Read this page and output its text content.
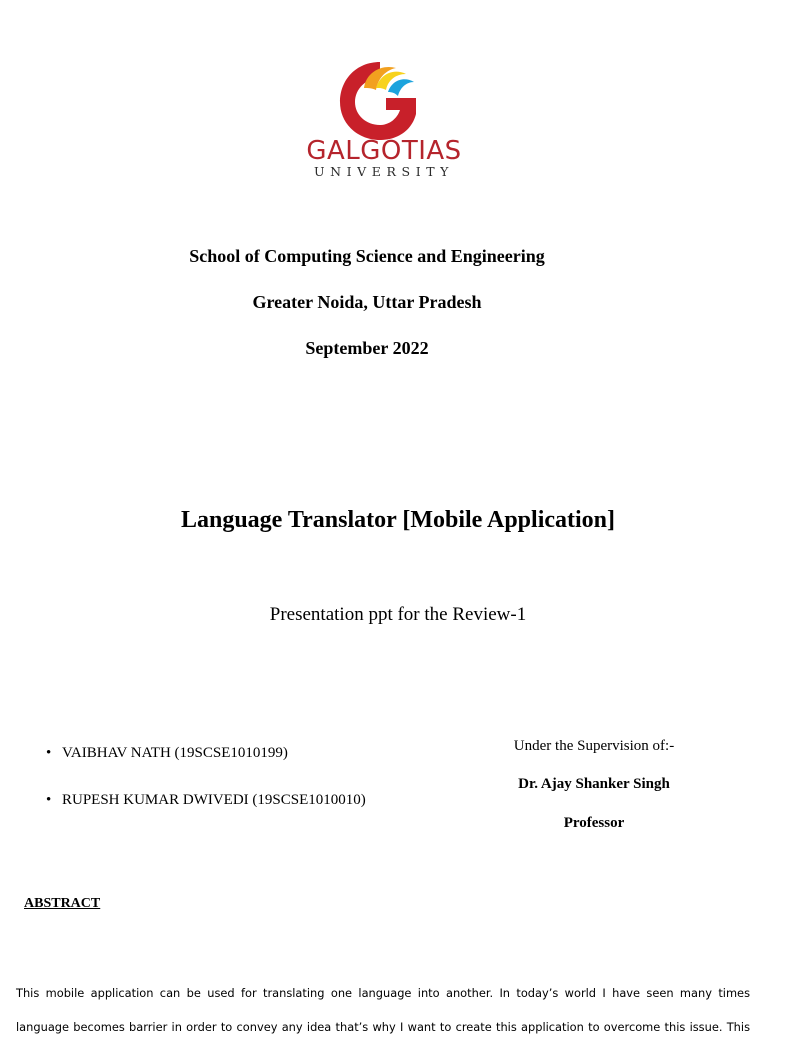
GALGOTIAS
UNIVERSITY
School of Computing Science and Engineering
Greater Noida, Uttar Pradesh
September 2022
Language Translator [Mobile Application]
Presentation ppt for the Review-1
• VAIBHAV NATH (19SCSE1010199)
• RUPESH KUMAR DWIVEDI (19SCSE1010010)
Under the Supervision of:-
Dr. Ajay Shanker Singh
Professor
ABSTRACT

This mobile application can be used for translating one language into another. In today’s world I have seen many times
language becomes barrier in order to convey any idea that’s why I want to create this application to overcome this issue. This
